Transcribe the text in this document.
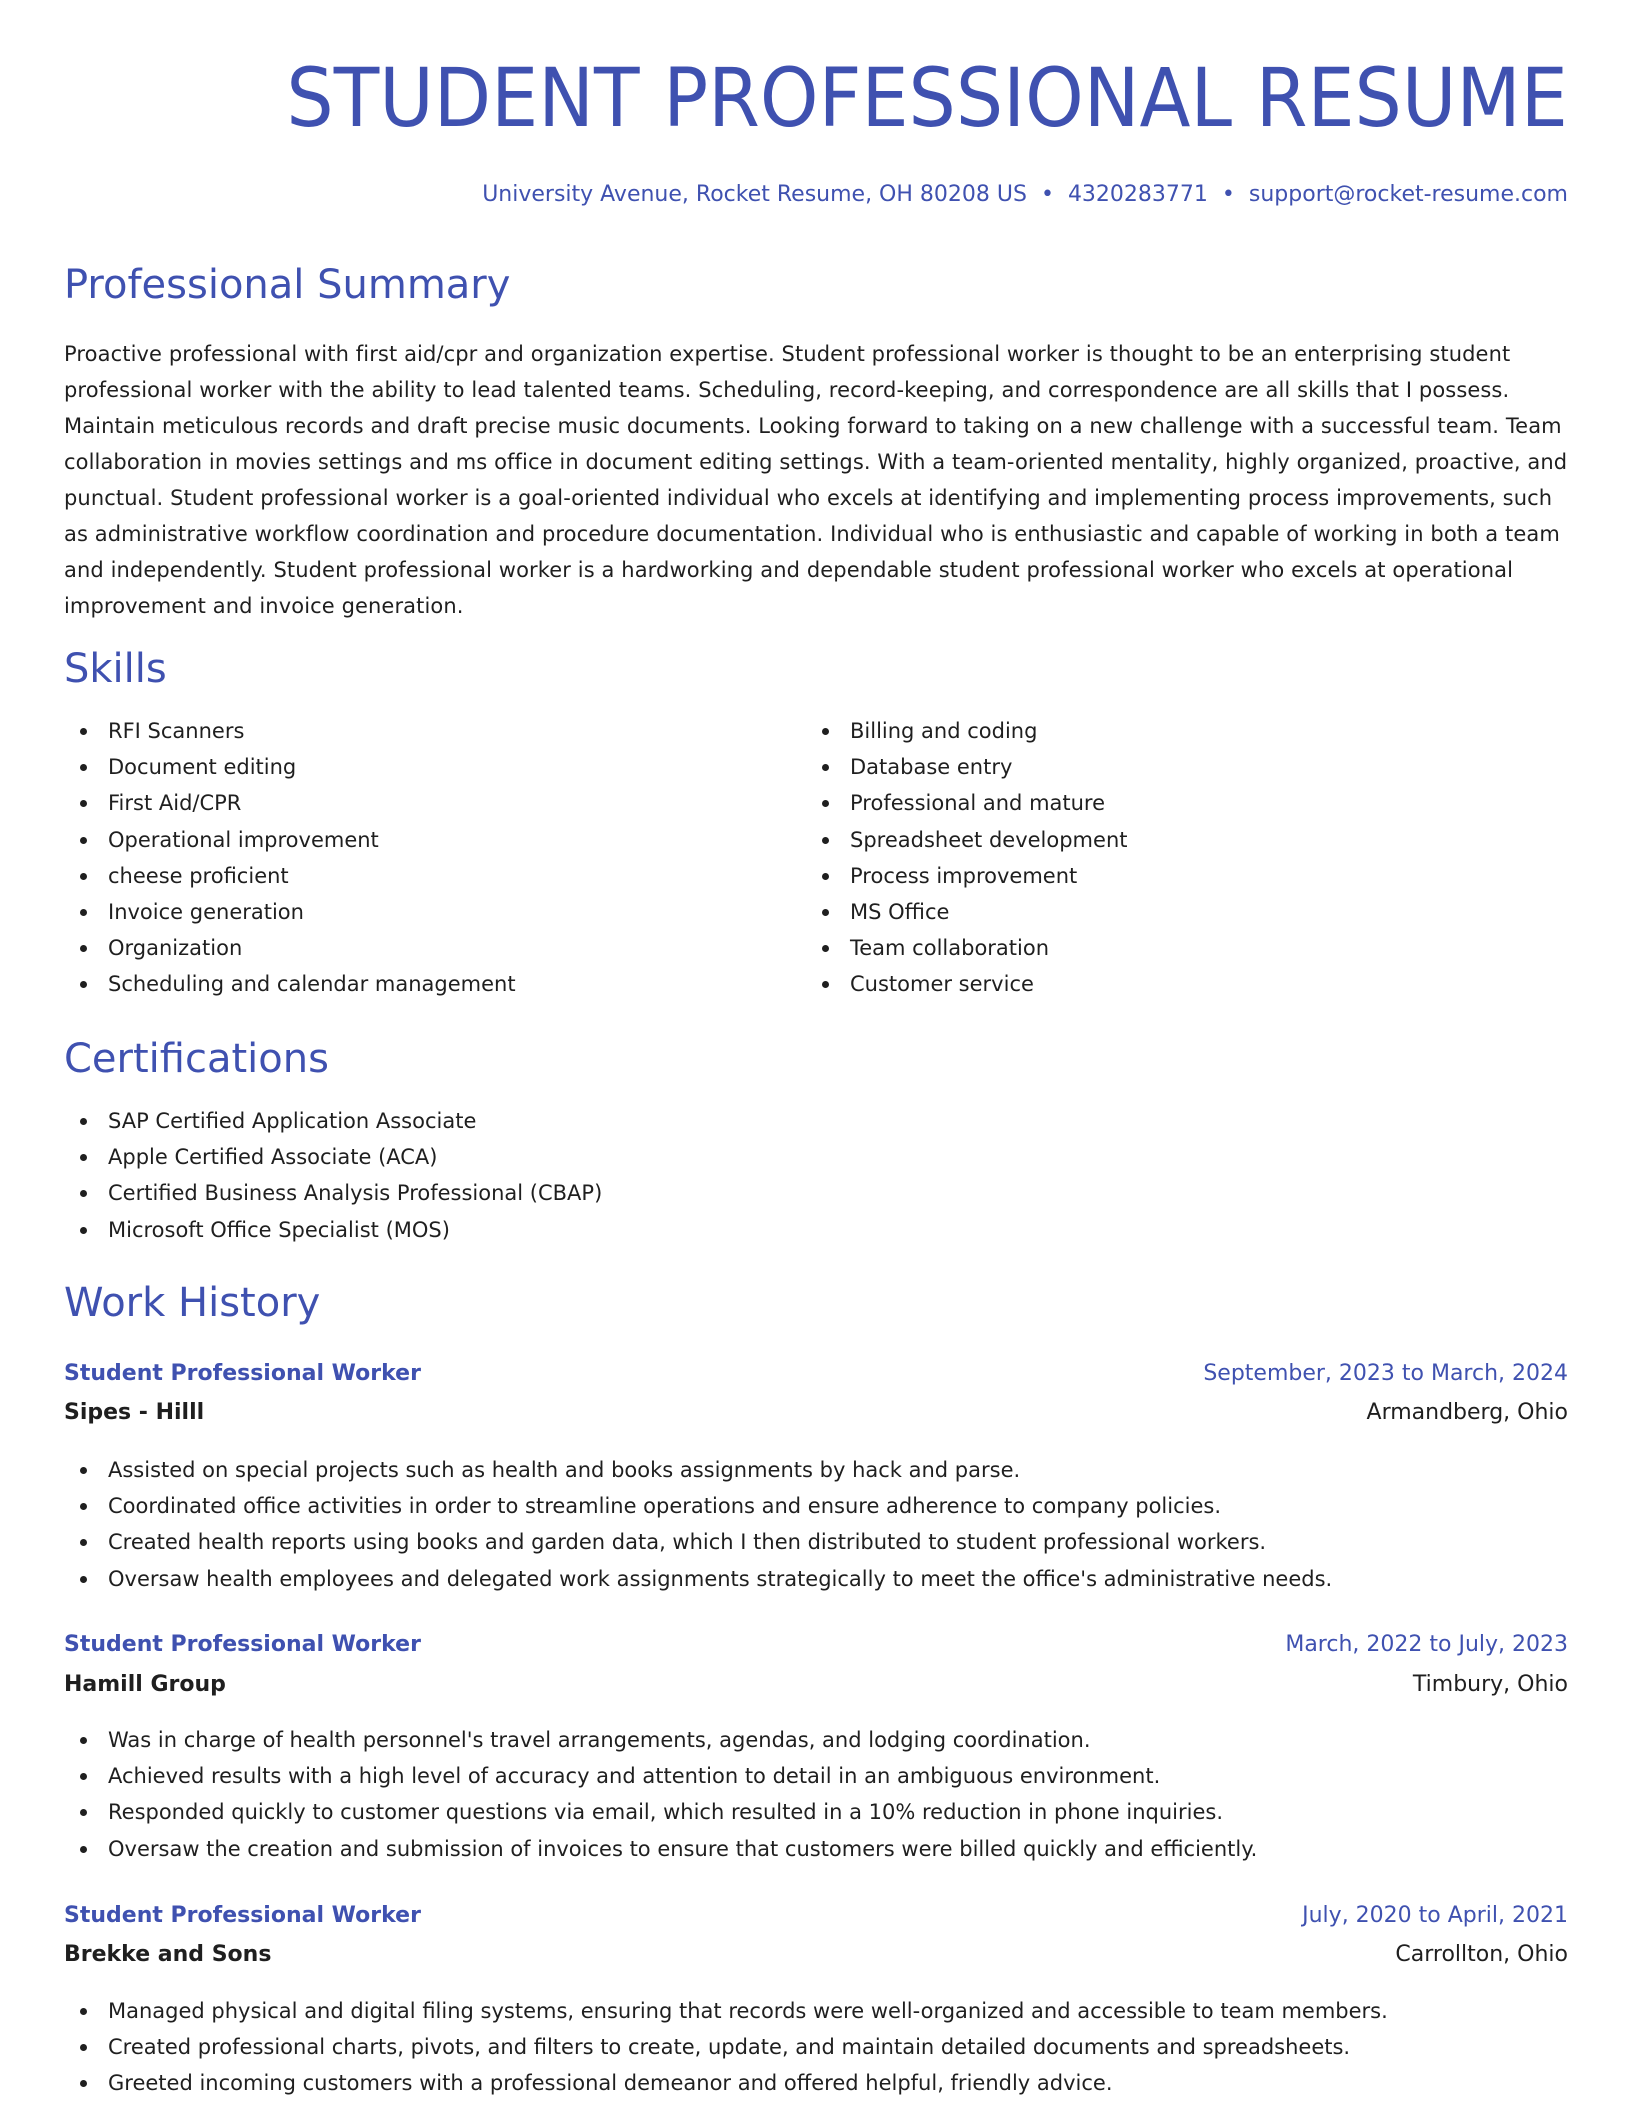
STUDENT PROFESSIONAL RESUME
University Avenue, Rocket Resume, OH 80208 US • 4320283771 • support@rocket-resume.com
Professional Summary
Proactive professional with first aid/cpr and organization expertise. Student professional worker is thought to be an enterprising student professional worker with the ability to lead talented teams. Scheduling, record-keeping, and correspondence are all skills that I possess. Maintain meticulous records and draft precise music documents. Looking forward to taking on a new challenge with a successful team. Team collaboration in movies settings and ms office in document editing settings. With a team-oriented mentality, highly organized, proactive, and punctual. Student professional worker is a goal-oriented individual who excels at identifying and implementing process improvements, such as administrative workflow coordination and procedure documentation. Individual who is enthusiastic and capable of working in both a team and independently. Student professional worker is a hardworking and dependable student professional worker who excels at operational improvement and invoice generation.
Skills
RFI Scanners
Document editing
First Aid/CPR
Operational improvement
cheese proficient
Invoice generation
Organization
Scheduling and calendar management
Billing and coding
Database entry
Professional and mature
Spreadsheet development
Process improvement
MS Office
Team collaboration
Customer service
Certifications
SAP Certified Application Associate
Apple Certified Associate (ACA)
Certified Business Analysis Professional (CBAP)
Microsoft Office Specialist (MOS)
Work History
Student Professional Worker	September, 2023 to March, 2024
Sipes - Hilll	Armandberg, Ohio
Assisted on special projects such as health and books assignments by hack and parse.
Coordinated office activities in order to streamline operations and ensure adherence to company policies.
Created health reports using books and garden data, which I then distributed to student professional workers.
Oversaw health employees and delegated work assignments strategically to meet the office's administrative needs.
Student Professional Worker	March, 2022 to July, 2023
Hamill Group	Timbury, Ohio
Was in charge of health personnel's travel arrangements, agendas, and lodging coordination.
Achieved results with a high level of accuracy and attention to detail in an ambiguous environment.
Responded quickly to customer questions via email, which resulted in a 10% reduction in phone inquiries.
Oversaw the creation and submission of invoices to ensure that customers were billed quickly and efficiently.
Student Professional Worker	July, 2020 to April, 2021
Brekke and Sons	Carrollton, Ohio
Managed physical and digital filing systems, ensuring that records were well-organized and accessible to team members.
Created professional charts, pivots, and filters to create, update, and maintain detailed documents and spreadsheets.
Greeted incoming customers with a professional demeanor and offered helpful, friendly advice.
